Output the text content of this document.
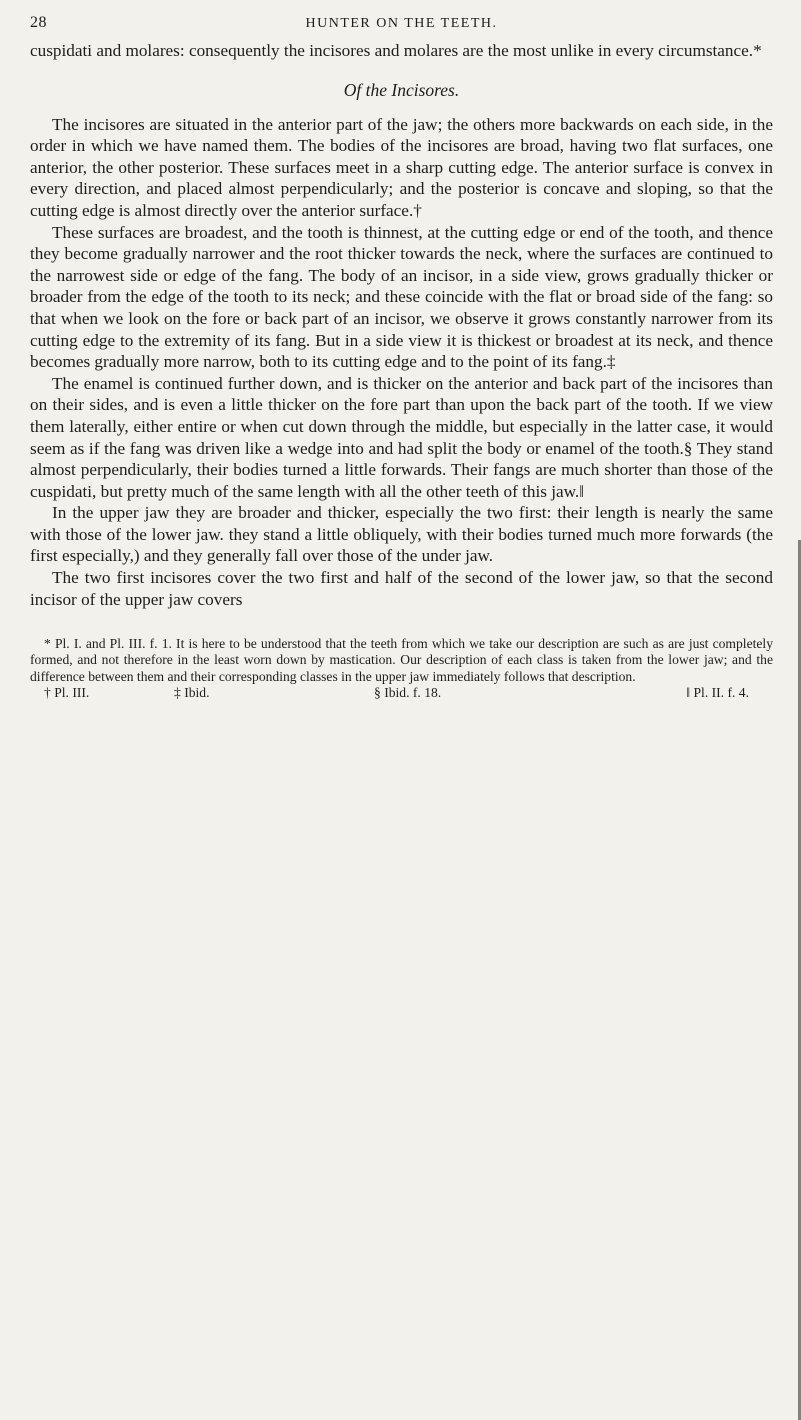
28	HUNTER ON THE TEETH.

cuspidati and molares: consequently the incisores and molares are the most unlike in every circumstance.*

Of the Incisores.

The incisores are situated in the anterior part of the jaw; the others more backwards on each side, in the order in which we have named them. The bodies of the incisores are broad, having two flat surfaces, one anterior, the other posterior. These surfaces meet in a sharp cutting edge. The anterior surface is convex in every direction, and placed almost perpendicularly; and the posterior is concave and sloping, so that the cutting edge is almost directly over the anterior surface.†

These surfaces are broadest, and the tooth is thinnest, at the cutting edge or end of the tooth, and thence they become gradually narrower and the root thicker towards the neck, where the surfaces are continued to the narrowest side or edge of the fang. The body of an incisor, in a side view, grows gradually thicker or broader from the edge of the tooth to its neck; and these coincide with the flat or broad side of the fang: so that when we look on the fore or back part of an incisor, we observe it grows constantly narrower from its cutting edge to the extremity of its fang. But in a side view it is thickest or broadest at its neck, and thence becomes gradually more narrow, both to its cutting edge and to the point of its fang.‡

The enamel is continued further down, and is thicker on the anterior and back part of the incisores than on their sides, and is even a little thicker on the fore part than upon the back part of the tooth. If we view them laterally, either entire or when cut down through the middle, but especially in the latter case, it would seem as if the fang was driven like a wedge into and had split the body or enamel of the tooth.§ They stand almost perpendicularly, their bodies turned a little forwards. Their fangs are much shorter than those of the cuspidati, but pretty much of the same length with all the other teeth of this jaw.‖

In the upper jaw they are broader and thicker, especially the two first: their length is nearly the same with those of the lower jaw. they stand a little obliquely, with their bodies turned much more forwards (the first especially,) and they generally fall over those of the under jaw.

The two first incisores cover the two first and half of the second of the lower jaw, so that the second incisor of the upper jaw covers

* Pl. I. and Pl. III. f. 1. It is here to be understood that the teeth from which we take our description are such as are just completely formed, and not therefore in the least worn down by mastication. Our description of each class is taken from the lower jaw; and the difference between them and their corresponding classes in the upper jaw immediately follows that description.

† Pl. III.	‡ Ibid.	§ Ibid. f. 18.	‖ Pl. II. f. 4.
